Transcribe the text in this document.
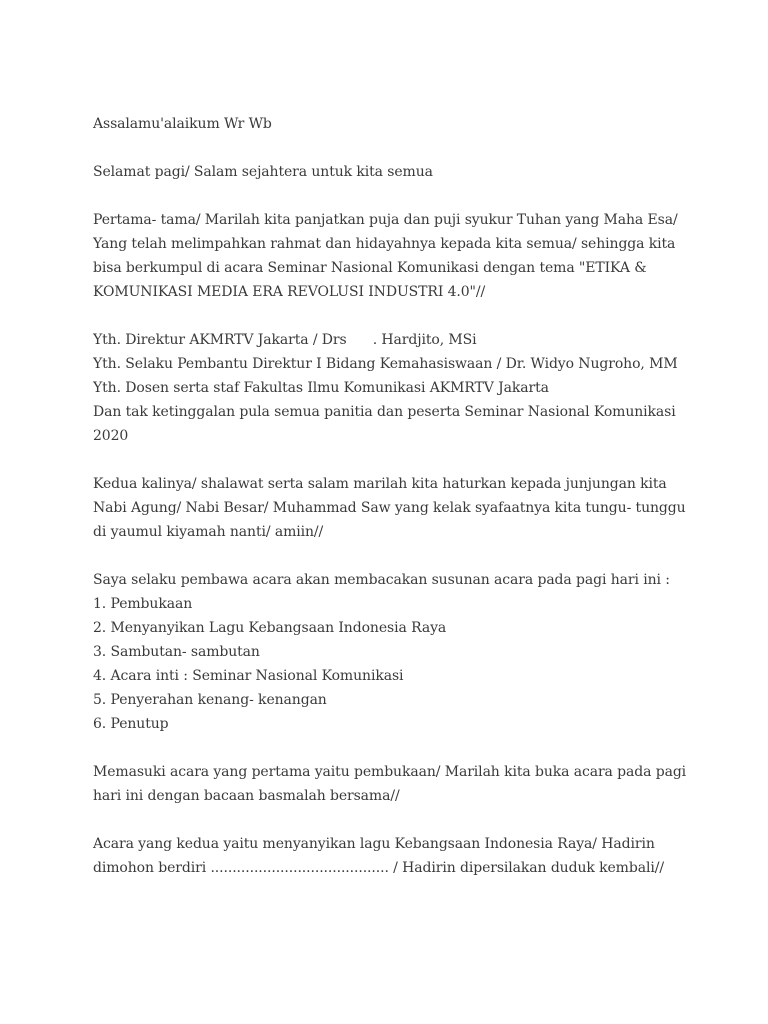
Assalamu'alaikum Wr Wb

Selamat pagi/ Salam sejahtera untuk kita semua

Pertama- tama/ Marilah kita panjatkan puja dan puji syukur Tuhan yang Maha Esa/
Yang telah melimpahkan rahmat dan hidayahnya kepada kita semua/ sehingga kita
bisa berkumpul di acara Seminar Nasional Komunikasi dengan tema "ETIKA &
KOMUNIKASI MEDIA ERA REVOLUSI INDUSTRI 4.0"//

Yth. Direktur AKMRTV Jakarta / Drs      . Hardjito, MSi
Yth. Selaku Pembantu Direktur I Bidang Kemahasiswaan / Dr. Widyo Nugroho, MM
Yth. Dosen serta staf Fakultas Ilmu Komunikasi AKMRTV Jakarta
Dan tak ketinggalan pula semua panitia dan peserta Seminar Nasional Komunikasi
2020

Kedua kalinya/ shalawat serta salam marilah kita haturkan kepada junjungan kita
Nabi Agung/ Nabi Besar/ Muhammad Saw yang kelak syafaatnya kita tungu- tunggu
di yaumul kiyamah nanti/ amiin//

Saya selaku pembawa acara akan membacakan susunan acara pada pagi hari ini :
1. Pembukaan
2. Menyanyikan Lagu Kebangsaan Indonesia Raya
3. Sambutan- sambutan
4. Acara inti : Seminar Nasional Komunikasi
5. Penyerahan kenang- kenangan
6. Penutup

Memasuki acara yang pertama yaitu pembukaan/ Marilah kita buka acara pada pagi
hari ini dengan bacaan basmalah bersama//

Acara yang kedua yaitu menyanyikan lagu Kebangsaan Indonesia Raya/ Hadirin
dimohon berdiri ......................................... / Hadirin dipersilakan duduk kembali//
